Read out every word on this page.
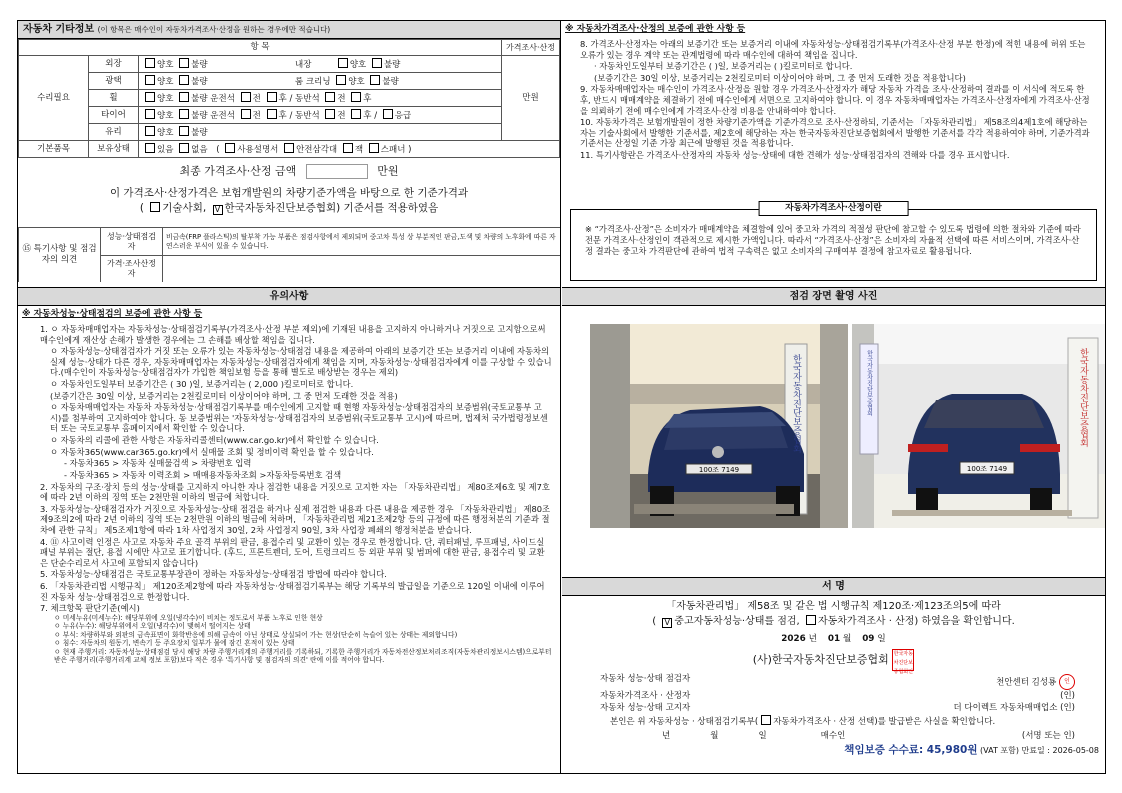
자동차 기타정보 (이 항목은 매수인이 자동차가격조사·산정을 원하는 경우에만 적습니다)
항 목			가격조사·산정
수리필요	외장	양호 불량 내장 양호 불량	만원
	광택	양호 불량 룸 크리닝 양호 불량	
	휠	양호 불량 운전석 전 후 / 동반석 전 후	
	타이어	양호 불량 운전석 전 후 / 동반석 전 후 / 응급	
	유리	양호 불량	
기본품목	보유상태	있음 없음 ( 사용설명서 안전삼각대 잭 스패너 )	
최종 가격조사·산정 금액	만원
이 가격조사·산정가격은 보험개발원의 차량기준가액을 바탕으로 한 기준가격과
( 기술사회, V 한국자동차진단보증협회) 기준서를 적용하였음
⑮ 특기사항 및 점검자의 의견	성능·상태점검자	비금속(FRP 플라스틱)의 탈부착 가능 부품은 점검사항에서 제외되며 중고차 특성 상 부분적인 판금,도색 및 차량의 노후화에 따른 자연스러운 부식이 있을 수 있습니다.
	가격·조사산정자	
유의사항
※ 자동차성능·상태점검의 보증에 관한 사항 등

1. ㅇ 자동차매매업자는 자동차성능·상태점검기록부(가격조사·산정 부분 제외)에 기재된 내용을 고지하지 아니하거나 거짓으로 고지함으로써 매수인에게 재산상 손해가 발생한 경우에는 그 손해를 배상할 책임을 집니다.

ㅇ 자동차성능·상태점검자가 거짓 또는 오류가 있는 자동차성능·상태점검 내용을 제공하여 아래의 보증기간 또는 보증거리 이내에 자동차의 실제 성능·상태가 다른 경우, 자동차매매업자는 자동차성능·상태점검자에게 책임을 지며, 자동차성능·상태점검자에게 이를 구상할 수 있습니다.(매수인이 자동차성능·상태점검자가 가입한 책임보험 등을 통해 별도로 배상받는 경우는 제외)

ㅇ 자동차인도일부터 보증기간은 ( 30 )일, 보증거리는 ( 2,000 )킬로미터로 합니다.

(보증기간은 30일 이상, 보증거리는 2천킬로미터 이상이어야 하며, 그 중 먼저 도래한 것을 적용)

ㅇ 자동차매매업자는 자동차 자동차성능·상태점검기록부를 매수인에게 고지할 때 현행 자동차성능·상태점검자의 보증범위(국토교통부 고시)를 첨부하여 고지하여야 합니다. 동 보증범위는 '자동차성능·상태점검자의 보증범위(국토교통부 고시)에 따르며, 법제처 국가법령정보센터 또는 국토교통부 홈페이지에서 확인할 수 있습니다.

ㅇ 자동차의 리콜에 관한 사항은 자동차리콜센터(www.car.go.kr)에서 확인할 수 있습니다.

ㅇ 자동차365(www.car365.go.kr)에서 실매물 조회 및 정비이력 확인을 할 수 있습니다.

- 자동차365 > 자동차 실매물검색 > 차량번호 입력

- 자동차365 > 자동차 이력조회 > 매매용자동차조회 >자동차등록번호 검색

2. 자동차의 구조·장치 등의 성능·상태를 고지하지 아니한 자나 점검한 내용을 거짓으로 고지한 자는 「자동차관리법」 제80조제6호 및 제7호에 따라 2년 이하의 징역 또는 2천만원 이하의 벌금에 처합니다.

3. 자동차성능·상태점검자가 거짓으로 자동차성능·상태 점검을 하거나 실제 점검한 내용과 다른 내용을 제공한 경우 「자동차관리법」 제80조제9조의2에 따라 2년 이하의 징역 또는 2천만원 이하의 벌금에 처하며, 「자동차관리법 제21조제2항 등의 규정에 따른 행정처분의 기준과 절차에 관한 규칙」 제5조제1항에 따라 1차 사업정지 30일, 2차 사업정지 90일, 3차 사업장 폐쇄의 행정처분을 받습니다.

4. ⑪ 사고이력 인정은 사고로 자동차 주요 골격 부위의 판금, 용접수리 및 교환이 있는 경우로 한정합니다. 단, 쿼터패널, 루프패널, 사이드실패널 부위는 절단, 용접 시에만 사고로 표기합니다. (후드, 프론트펜더, 도어, 트렁크리드 등 외판 부위 및 범퍼에 대한 판금, 용접수리 및 교환은 단순수리로서 사고에 포함되지 않습니다)

5. 자동차성능·상태점검은 국토교통부장관이 정하는 자동차성능·상태점검 방법에 따라야 합니다.

6. 「자동차관리법 시행규칙」 제120조제2항에 따라 자동차성능·상태점검기록부는 해당 기록부의 발급일을 기준으로 120일 이내에 이루어진 자동차 성능·상태점검으로 한정합니다.

7. 체크항목 판단기준(예시)

ㅇ 미세누유(미세누수): 해당부위에 오일(냉각수)이 비치는 정도로서 부품 노후로 인한 현상

ㅇ 누유(누수): 해당부위에서 오일(냉각수)이 맺혀서 떨어지는 상태

ㅇ 부식: 차량하부와 외판의 금속표면이 화학반응에 의해 금속이 아닌 상태로 상실되어 가는 현상(단순히 녹슬어 있는 상태는 제외합니다)

ㅇ 침수: 자동차의 원동기, 변속기 등 주요장치 일부가 물에 잠긴 흔적이 있는 상태

ㅇ 현재 주행거리: 자동차성능·상태점검 당시 해당 차량 주행거리계의 주행거리를 기록하되, 기록한 주행거리가 자동차전산정보처리조직(자동차관리정보시스템)으로부터 받은 주행거리(주행거리계 교체 정보 포함)보다 적은 경우 '특기사항 및 점검자의 의견' 란에 이를 적어야 합니다.

※ 자동차가격조사·산정의 보증에 관한 사항 등

8. 가격조사·산정자는 아래의 보증기간 또는 보증거리 이내에 자동차성능·상태점검기록부(가격조사·산정 부분 한정)에 적힌 내용에 허위 또는 오류가 있는 경우 계약 또는 관계법령에 따라 매수인에 대하여 책임을 집니다.

· 자동차인도일부터 보증기간은 ( )일, 보증거리는 ( )킬로미터로 합니다.

(보증기간은 30일 이상, 보증거리는 2천킬로미터 이상이어야 하며, 그 중 먼저 도래한 것을 적용합니다)

9. 자동차매매업자는 매수인이 가격조사·산정을 원할 경우 가격조사·산정자가 해당 자동차 가격을 조사·산정하여 결과를 이 서식에 적도록 한 후, 반드시 매매계약을 체결하기 전에 매수인에게 서면으로 고지하여야 합니다. 이 경우 자동차매매업자는 가격조사·산정자에게 가격조사·산정을 의뢰하기 전에 매수인에게 가격조사·산정 비용을 안내하여야 합니다.

10. 자동차가격은 보험개발원이 정한 차량기준가액을 기준가격으로 조사·산정하되, 기준서는 「자동차관리법」 제58조의4제1호에 해당하는 자는 기술사회에서 발행한 기준서를, 제2호에 해당하는 자는 한국자동차진단보증협회에서 발행한 기준서를 각각 적용하여야 하며, 기준가격과 기준서는 산정일 기준 가장 최근에 발행된 것을 적용합니다.

11. 특기사항란은 가격조사·산정자의 자동차 성능·상태에 대한 견해가 성능·상태점검자의 견해와 다를 경우 표시합니다.

자동차가격조사·산정이란
※ “가격조사·산정”은 소비자가 매매계약을 체결함에 있어 중고차 가격의 적절성 판단에 참고할 수 있도록 법령에 의한 절차와 기준에 따라 전문 가격조사·산정인이 객관적으로 제시한 가액입니다. 따라서 “가격조사·산정”은 소비자의 자율적 선택에 따른 서비스이며, 가격조사·산정 결과는 중고차 가격판단에 관하여 법적 구속력은 없고 소비자의 구매여부 결정에 참고자료로 활용됩니다.
점검 장면 촬영 사진
100조 7149
한국자동차진단보증협회
100조 7149
한국자동차진단보증협회
한국자동차진단보증협회
서 명
「자동차관리법」 제58조 및 같은 법 시행규칙 제120조·제123조의5에 따라
( V 중고자동차성능·상태를 점검, 자동차가격조사 · 산정) 하였음을 확인합니다.
2026 년 01 월 09 일
(사)한국자동차진단보증협회 한국자동차진단보증협회인
자동차 성능·상태 점검자	천안센터 김성룡 인
자동차가격조사 · 산정자	(인)
자동차 성능·상태 고지자	더 다이렉트 자동차매매업소 (인)
본인은 위 자동차성능 · 상태점검기록부( 자동차가격조사 · 산정 선택)를 발급받은 사실을 확인합니다.
년	월	일	매수인	(서명 또는 인)
책임보증 수수료: 45,980원 (VAT 포함) 만료일 : 2026-05-08
